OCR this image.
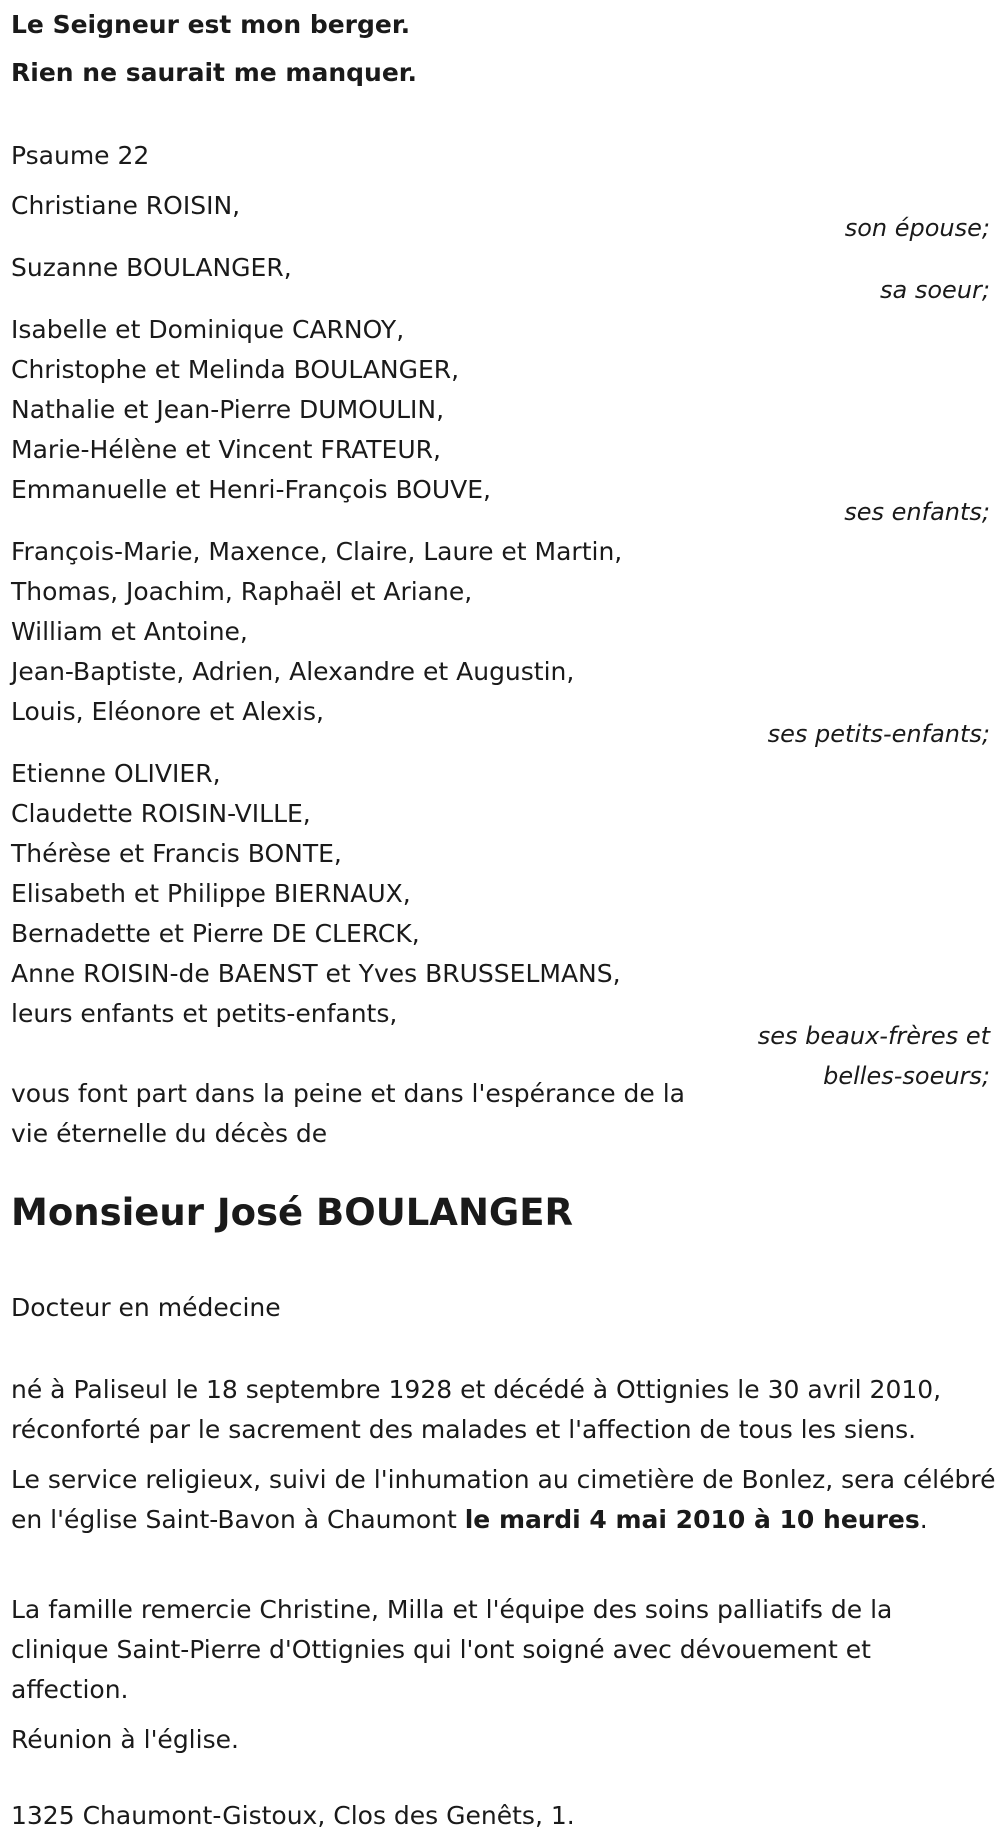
Le Seigneur est mon berger.
Rien ne saurait me manquer.
Psaume 22
Christiane ROISIN,
son épouse;
Suzanne BOULANGER,
sa soeur;
Isabelle et Dominique CARNOY,
Christophe et Melinda BOULANGER,
Nathalie et Jean-Pierre DUMOULIN,
Marie-Hélène et Vincent FRATEUR,
Emmanuelle et Henri-François BOUVE,
ses enfants;
François-Marie, Maxence, Claire, Laure et Martin,
Thomas, Joachim, Raphaël et Ariane,
William et Antoine,
Jean-Baptiste, Adrien, Alexandre et Augustin,
Louis, Eléonore et Alexis,
ses petits-enfants;
Etienne OLIVIER,
Claudette ROISIN-VILLE,
Thérèse et Francis BONTE,
Elisabeth et Philippe BIERNAUX,
Bernadette et Pierre DE CLERCK,
Anne ROISIN-de BAENST et Yves BRUSSELMANS,
leurs enfants et petits-enfants,
ses beaux-frères et
belles-soeurs;
vous font part dans la peine et dans l'espérance de la
vie éternelle du décès de
Monsieur José BOULANGER
Docteur en médecine
né à Paliseul le 18 septembre 1928 et décédé à Ottignies le 30 avril 2010, réconforté par le sacrement des malades et l'affection de tous les siens.
Le service religieux, suivi de l'inhumation au cimetière de Bonlez, sera célébré en l'église Saint-Bavon à Chaumont le mardi 4 mai 2010 à 10 heures.
La famille remercie Christine, Milla et l'équipe des soins palliatifs de la clinique Saint-Pierre d'Ottignies qui l'ont soigné avec dévouement et affection.
Réunion à l'église.
1325 Chaumont-Gistoux, Clos des Genêts, 1.
